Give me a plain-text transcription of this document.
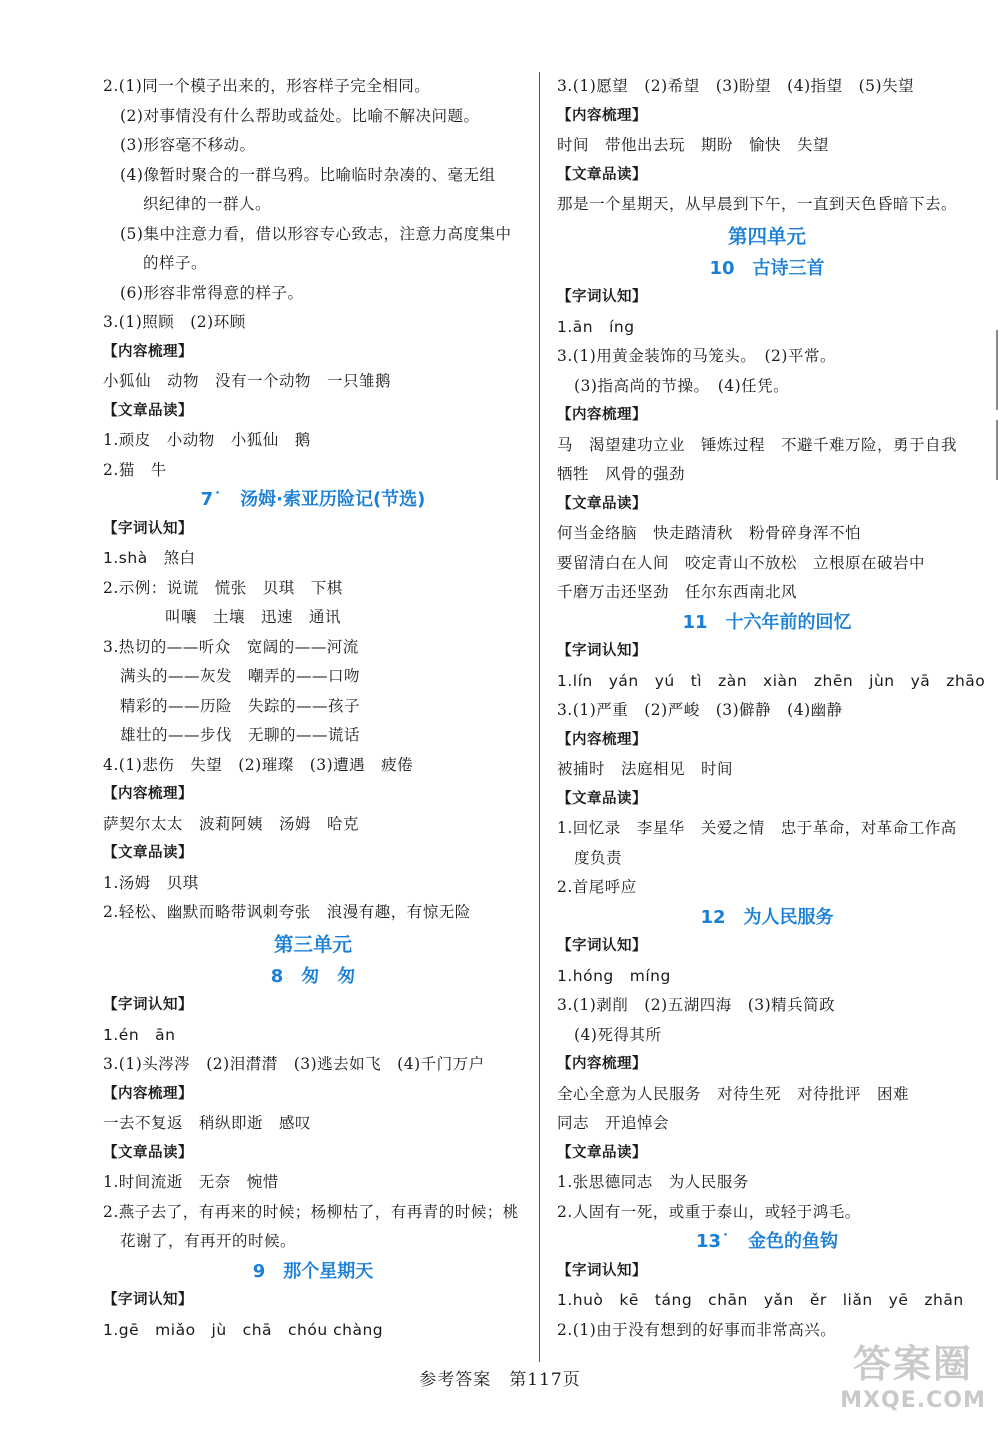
2.(1)同一个模子出来的，形容样子完全相同。
(2)对事情没有什么帮助或益处。比喻不解决问题。
(3)形容毫不移动。
(4)像暂时聚合的一群乌鸦。比喻临时杂凑的、毫无组
织纪律的一群人。
(5)集中注意力看，借以形容专心致志，注意力高度集中
的样子。
(6)形容非常得意的样子。
3.(1)照顾　(2)环顾
【内容梳理】
小狐仙　动物　没有一个动物　一只雏鹅
【文章品读】
1.顽皮　小动物　小狐仙　鹅
2.猫　牛
7˙ 汤姆·索亚历险记(节选)
【字词认知】
1.shà　煞白
2.示例：说谎　慌张　贝琪　下棋
叫嚷　土壤　迅速　通讯
3.热切的——听众　宽阔的——河流
满头的——灰发　嘲弄的——口吻
精彩的——历险　失踪的——孩子
雄壮的——步伐　无聊的——谎话
4.(1)悲伤　失望　(2)璀璨　(3)遭遇　疲倦
【内容梳理】
萨契尔太太　波莉阿姨　汤姆　哈克
【文章品读】
1.汤姆　贝琪
2.轻松、幽默而略带讽刺夸张　浪漫有趣，有惊无险
第三单元
8 匆　匆
【字词认知】
1.én　ān
3.(1)头涔涔　(2)泪潸潸　(3)逃去如飞　(4)千门万户
【内容梳理】
一去不复返　稍纵即逝　感叹
【文章品读】
1.时间流逝　无奈　惋惜
2.燕子去了，有再来的时候；杨柳枯了，有再青的时候；桃
花谢了，有再开的时候。
9 那个星期天
【字词认知】
1.gē　miǎo　jù　chā　chóu chàng
3.(1)愿望　(2)希望　(3)盼望　(4)指望　(5)失望
【内容梳理】
时间　带他出去玩　期盼　愉快　失望
【文章品读】
那是一个星期天，从早晨到下午，一直到天色昏暗下去。
第四单元
10 古诗三首
【字词认知】
1.ān　íng
3.(1)用黄金装饰的马笼头。　(2)平常。
(3)指高尚的节操。　(4)任凭。
【内容梳理】
马　渴望建功立业　锤炼过程　不避千难万险，勇于自我
牺牲　风骨的强劲
【文章品读】
何当金络脑　快走踏清秋　粉骨碎身浑不怕
要留清白在人间　咬定青山不放松　立根原在破岩中
千磨万击还坚劲　任尔东西南北风
11 十六年前的回忆
【字词认知】
1.lín　yán　yú　tì　zàn　xiàn　zhēn　jùn　yā　zhāo
3.(1)严重　(2)严峻　(3)僻静　(4)幽静
【内容梳理】
被捕时　法庭相见　时间
【文章品读】
1.回忆录　李星华　关爱之情　忠于革命，对革命工作高
度负责
2.首尾呼应
12 为人民服务
【字词认知】
1.hóng　míng
3.(1)剥削　(2)五湖四海　(3)精兵简政
(4)死得其所
【内容梳理】
全心全意为人民服务　对待生死　对待批评　困难
同志　开追悼会
【文章品读】
1.张思德同志　为人民服务
2.人固有一死，或重于泰山，或轻于鸿毛。
13˙ 金色的鱼钩
【字词认知】
1.huò　kē　táng　chān　yǎn　ěr　liǎn　yē　zhān
2.(1)由于没有想到的好事而非常高兴。
参考答案　第117页	答案圈
MXQE.COM
